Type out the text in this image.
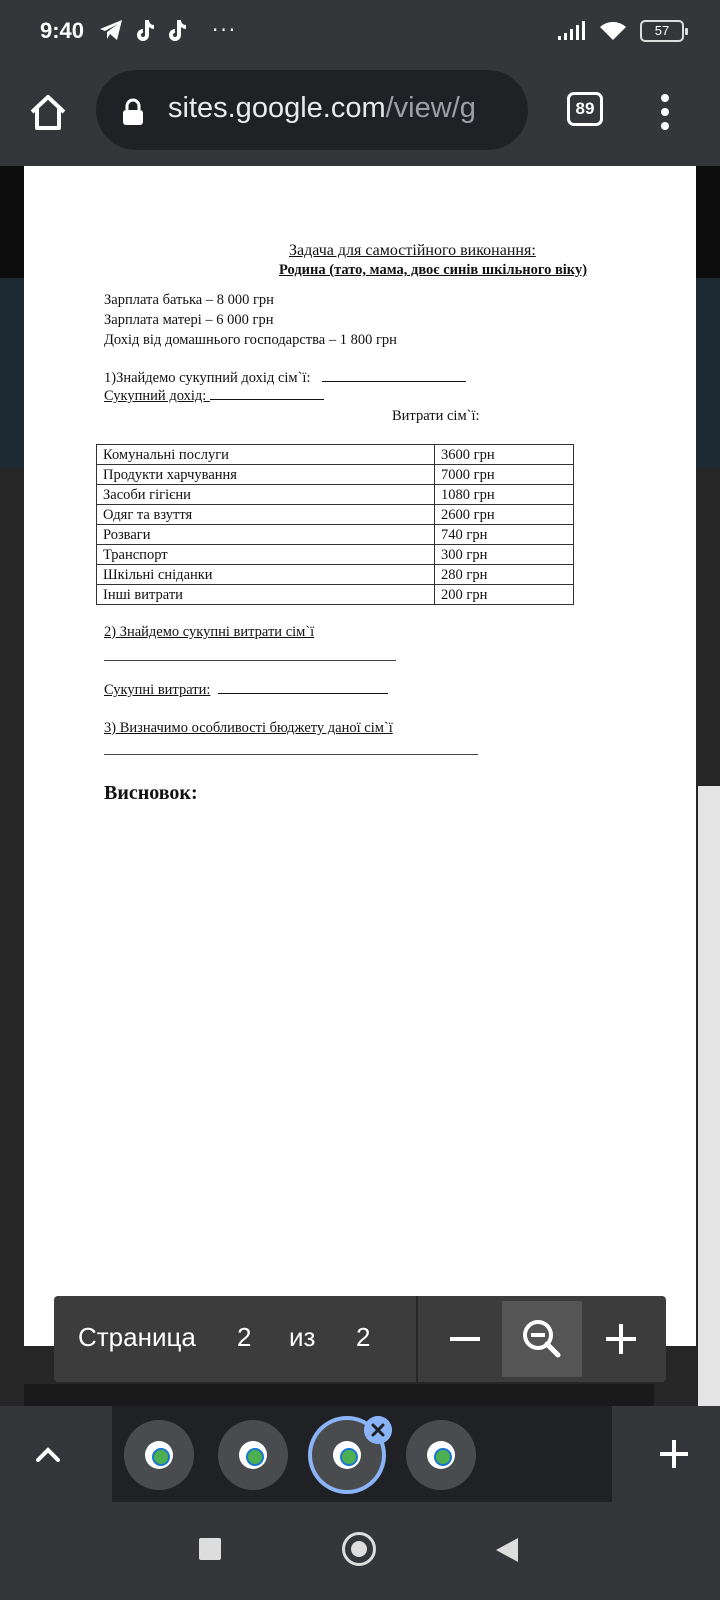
9:40	···	57
sites.google.com/view/g	89
Задача для самостійного виконання:
Родина (тато, мама, двоє синів шкільного віку)
Зарплата батька – 8 000 грн
Зарплата матері – 6 000 грн
Дохід від домашнього господарства – 1 800 грн
1)Знайдемо сукупний дохід сім`ї:
Сукупний дохід:
Витрати сім`ї:
Комунальні послуги	3600 грн
Продукти харчування	7000 грн
Засоби гігієни	1080 грн
Одяг та взуття	2600 грн
Розваги	740 грн
Транспорт	300 грн
Шкільні сніданки	280 грн
Інші витрати	200 грн
2) Знайдемо сукупні витрати сім`ї
Сукупні витрати:
3) Визначимо особливості бюджету даної сім`ї
Висновок:
Страница 2 из 2
